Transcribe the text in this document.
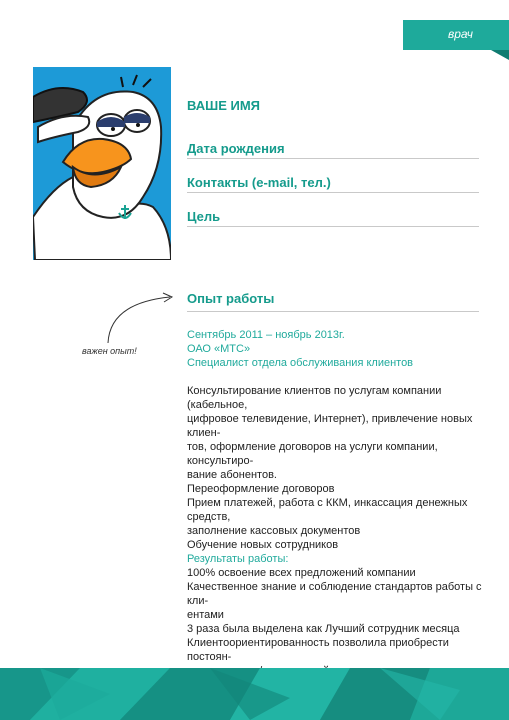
врач
ВАШЕ ИМЯ
Дата рождения
Контакты (e-mail, тел.)
Цель
Опыт работы
важен опыт!
Сентябрь 2011 – ноябрь 2013г.
ОАО «МТС»
Специалист отдела обслуживания клиентов
Консультирование клиентов по услугам компании (кабельное,
цифровое телевидение, Интернет), привлечение новых клиен-
тов, оформление договоров на услуги компании, консультиро-
вание абонентов.
Переоформление договоров
Прием платежей, работа с ККМ, инкассация денежных средств,
заполнение кассовых документов
Обучение новых сотрудников
Результаты работы:
100% освоение всех предложений компании
Качественное знание и соблюдение стандартов работы с кли-
ентами
3 раза была выделена как Лучший сотрудник месяца
Клиентоориентированность позволила приобрести постоян-
